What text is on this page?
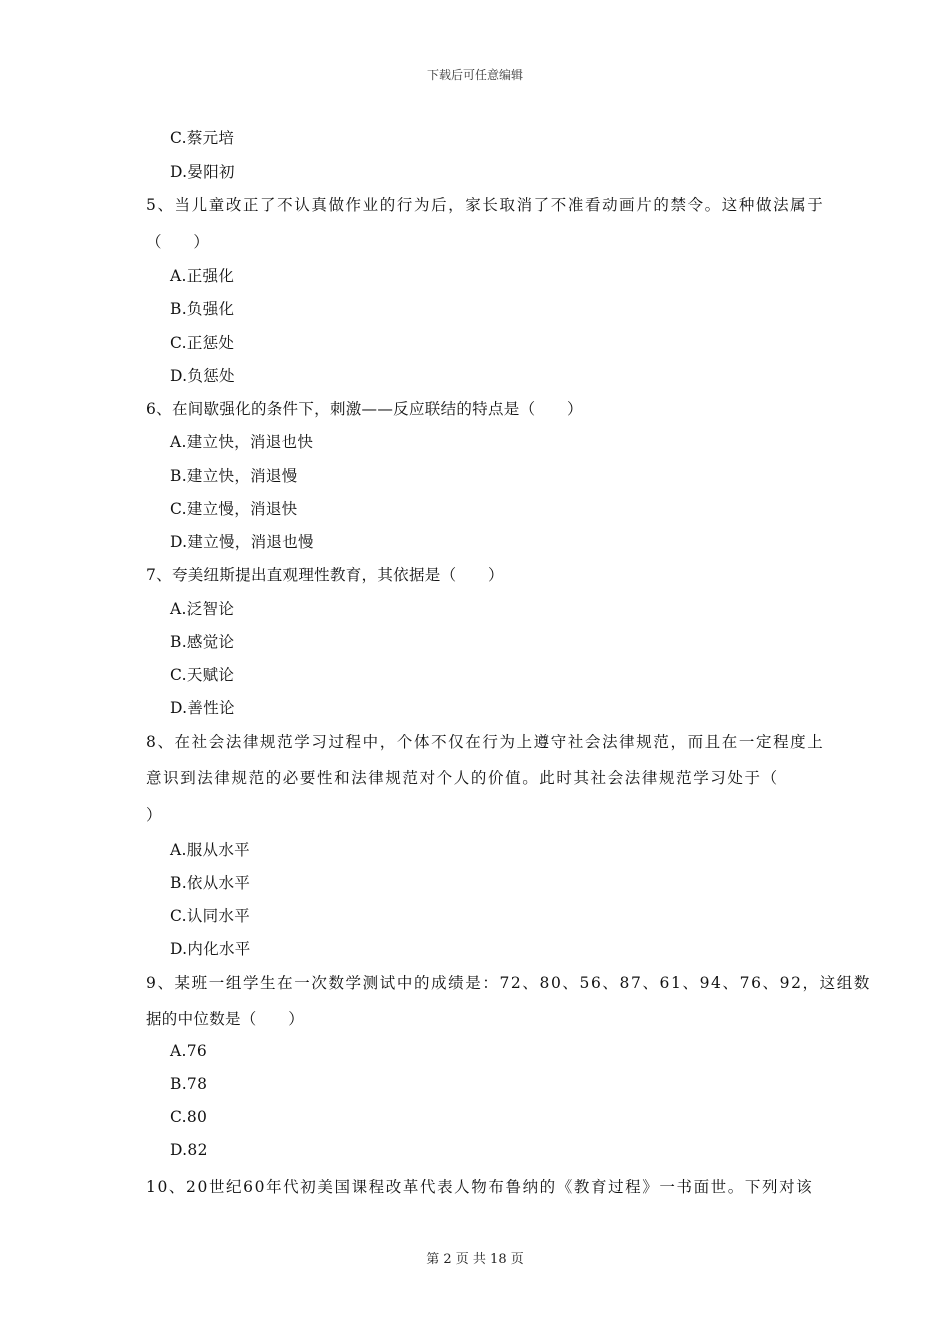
下载后可任意编辑
C.蔡元培
D.晏阳初
5、当儿童改正了不认真做作业的行为后，家长取消了不准看动画片的禁令。这种做法属于
（　　）
A.正强化
B.负强化
C.正惩处
D.负惩处
6、在间歇强化的条件下，刺激——反应联结的特点是（　　）
A.建立快，消退也快
B.建立快，消退慢
C.建立慢，消退快
D.建立慢，消退也慢
7、夸美纽斯提出直观理性教育，其依据是（　　）
A.泛智论
B.感觉论
C.天赋论
D.善性论
8、在社会法律规范学习过程中，个体不仅在行为上遵守社会法律规范，而且在一定程度上
意识到法律规范的必要性和法律规范对个人的价值。此时其社会法律规范学习处于（
）
A.服从水平
B.依从水平
C.认同水平
D.内化水平
9、某班一组学生在一次数学测试中的成绩是：72、80、56、87、61、94、76、92，这组数
据的中位数是（　　）
A.76
B.78
C.80
D.82
10、20世纪60年代初美国课程改革代表人物布鲁纳的《教育过程》一书面世。下列对该
第 2 页 共 18 页
